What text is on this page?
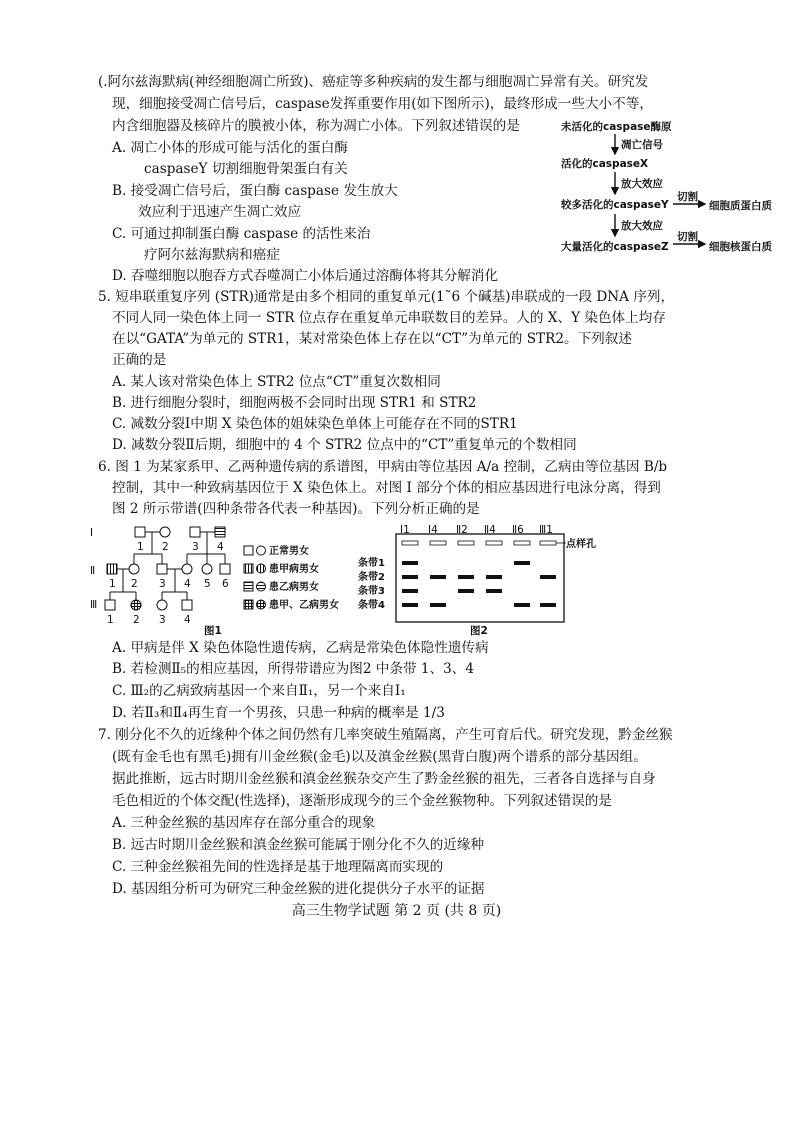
(.阿尔兹海默病(神经细胞凋亡所致)、癌症等多种疾病的发生都与细胞凋亡异常有关。研究发
现，细胞接受凋亡信号后，caspase发挥重要作用(如下图所示)，最终形成一些大小不等，
内含细胞器及核碎片的膜被小体，称为凋亡小体。下列叙述错误的是
A. 凋亡小体的形成可能与活化的蛋白酶
caspaseY 切割细胞骨架蛋白有关
B. 接受凋亡信号后，蛋白酶 caspase 发生放大
效应利于迅速产生凋亡效应
C. 可通过抑制蛋白酶 caspase 的活性来治
疗阿尔兹海默病和癌症
D. 吞噬细胞以胞吞方式吞噬凋亡小体后通过溶酶体将其分解消化
未活化的caspase酶原
凋亡信号
活化的caspaseX
放大效应
较多活化的caspaseY
切割
细胞质蛋白质
放大效应
大量活化的caspaseZ
切割
细胞核蛋白质
5. 短串联重复序列 (STR)通常是由多个相同的重复单元(1˜6 个碱基)串联成的一段 DNA 序列，
不同人同一染色体上同一 STR 位点存在重复单元串联数目的差异。人的 X、Y 染色体上均存
在以“GATA”为单元的 STR1，某对常染色体上存在以“CT”为单元的 STR2。下列叙述
正确的是
A. 某人该对常染色体上 STR2 位点“CT”重复次数相同
B. 进行细胞分裂时，细胞两极不会同时出现 STR1 和 STR2
C. 减数分裂Ⅰ中期 X 染色体的姐妹染色单体上可能存在不同的STR1
D. 减数分裂Ⅱ后期，细胞中的 4 个 STR2 位点中的“CT”重复单元的个数相同
6. 图 1 为某家系甲、乙两种遗传病的系谱图，甲病由等位基因 A/a 控制，乙病由等位基因 B/b
控制，其中一种致病基因位于 X 染色体上。对图 I 部分个体的相应基因进行电泳分离，得到
图 2 所示带谱(四种条带各代表一种基因)。下列分析正确的是
Ⅰ
Ⅱ
Ⅲ
1 2 3 4
1 2 3 4 5 6
1 2 3 4
正常男女
患甲病男女
患乙病男女
患甲、乙病男女
图1
Ⅰ1 Ⅰ4 Ⅱ2 Ⅱ4 Ⅱ6 Ⅲ1
点样孔
条带1
条带2
条带3
条带4
图2
A. 甲病是伴 X 染色体隐性遗传病，乙病是常染色体隐性遗传病
B. 若检测Ⅱ₅的相应基因，所得带谱应为图2 中条带 1、3、4
C. Ⅲ₂的乙病致病基因一个来自Ⅱ₁，另一个来自Ⅰ₁
D. 若Ⅱ₃和Ⅱ₄再生育一个男孩，只患一种病的概率是 1/3
7. 刚分化不久的近缘种个体之间仍然有几率突破生殖隔离，产生可育后代。研究发现，黔金丝猴
(既有金毛也有黑毛)拥有川金丝猴(金毛)以及滇金丝猴(黑背白腹)两个谱系的部分基因组。
据此推断，远古时期川金丝猴和滇金丝猴杂交产生了黔金丝猴的祖先，三者各自选择与自身
毛色相近的个体交配(性选择)，逐渐形成现今的三个金丝猴物种。下列叙述错误的是
A. 三种金丝猴的基因库存在部分重合的现象
B. 远古时期川金丝猴和滇金丝猴可能属于刚分化不久的近缘种
C. 三种金丝猴祖先间的性选择是基于地理隔离而实现的
D. 基因组分析可为研究三种金丝猴的进化提供分子水平的证据
高三生物学试题 第 2 页 (共 8 页)
